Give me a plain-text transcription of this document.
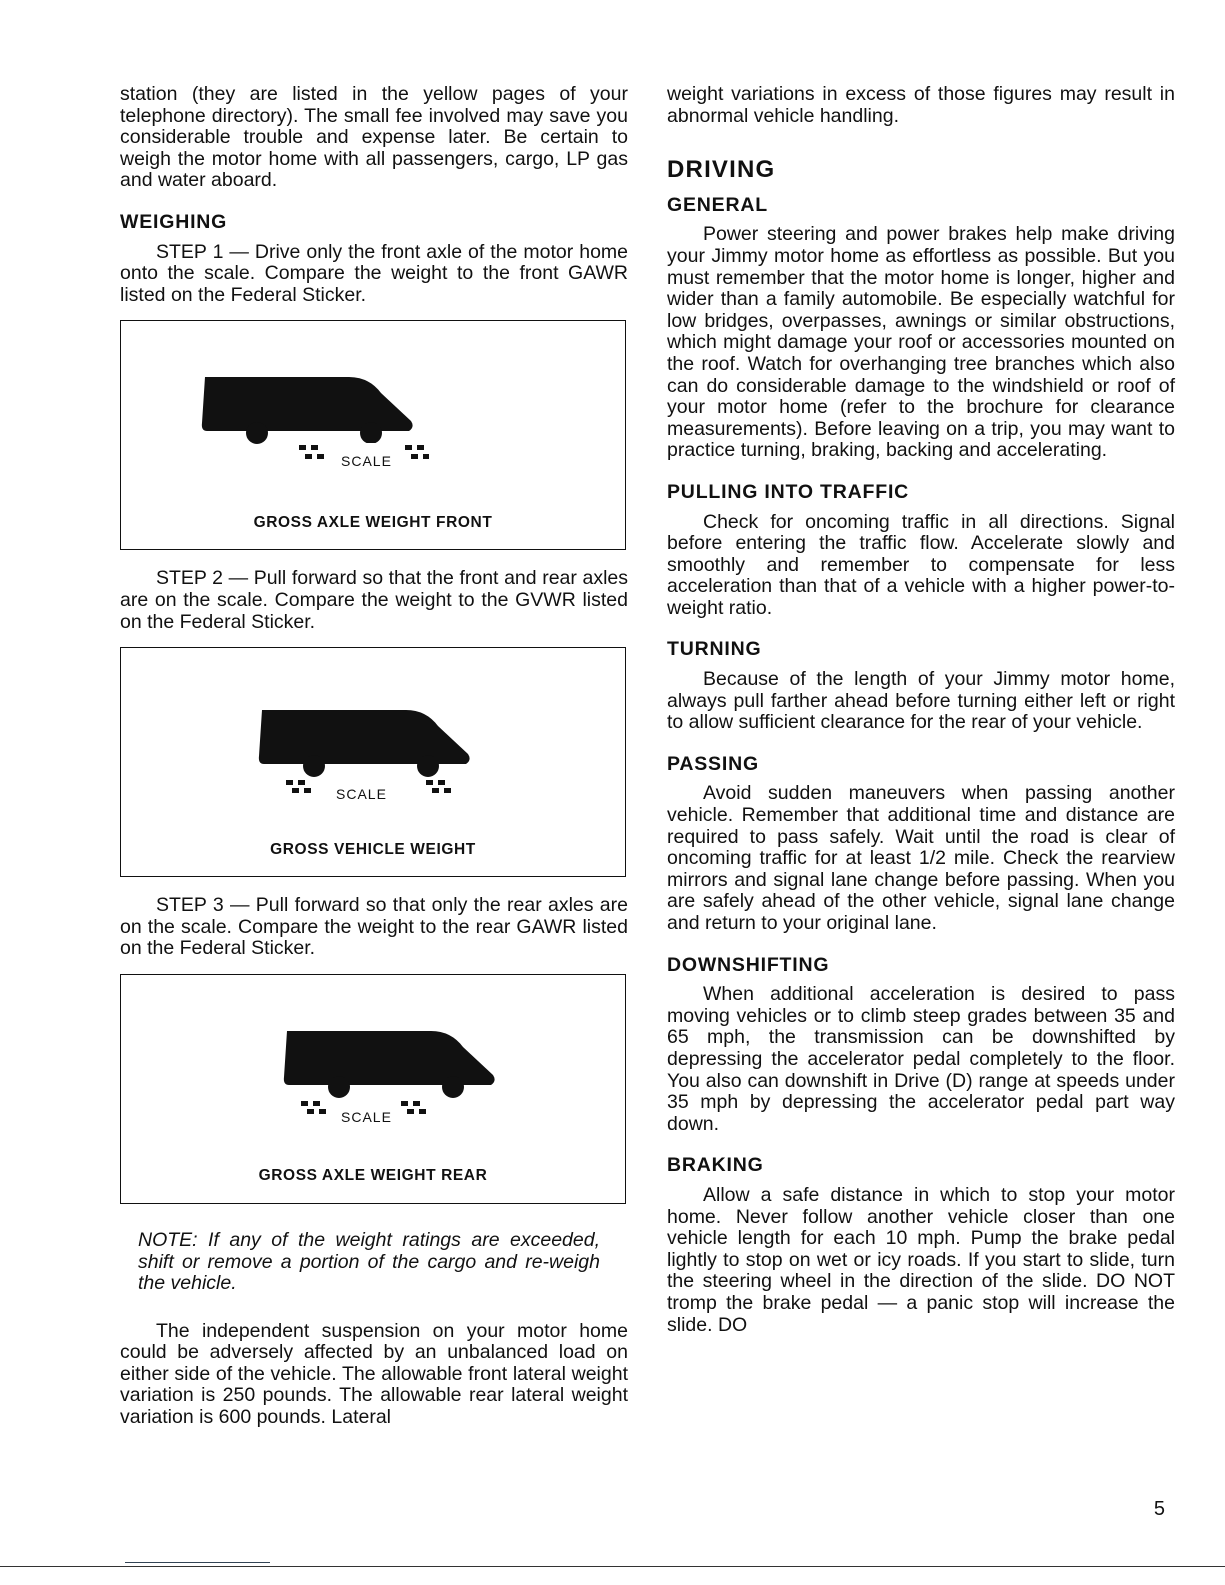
station (they are listed in the yellow pages of your telephone directory). The small fee involved may save you considerable trouble and expense later. Be certain to weigh the motor home with all passengers, cargo, LP gas and water aboard.

WEIGHING

STEP 1 — Drive only the front axle of the motor home onto the scale. Compare the weight to the front GAWR listed on the Federal Sticker.

SCALE
GROSS AXLE WEIGHT FRONT

STEP 2 — Pull forward so that the front and rear axles are on the scale. Compare the weight to the GVWR listed on the Federal Sticker.

SCALE
GROSS VEHICLE WEIGHT

STEP 3 — Pull forward so that only the rear axles are on the scale. Compare the weight to the rear GAWR listed on the Federal Sticker.

SCALE
GROSS AXLE WEIGHT REAR

NOTE: If any of the weight ratings are exceeded, shift or remove a portion of the cargo and re-weigh the vehicle.

The independent suspension on your motor home could be adversely affected by an unbalanced load on either side of the vehicle. The allowable front lateral weight variation is 250 pounds. The allowable rear lateral weight variation is 600 pounds. Lateral

weight variations in excess of those figures may result in abnormal vehicle handling.

DRIVING
GENERAL

Power steering and power brakes help make driving your Jimmy motor home as effortless as possible. But you must remember that the motor home is longer, higher and wider than a family automobile. Be especially watchful for low bridges, overpasses, awnings or similar obstructions, which might damage your roof or accessories mounted on the roof. Watch for overhanging tree branches which also can do considerable damage to the windshield or roof of your motor home (refer to the brochure for clearance measurements). Before leaving on a trip, you may want to practice turning, braking, backing and accelerating.

PULLING INTO TRAFFIC

Check for oncoming traffic in all directions. Signal before entering the traffic flow. Accelerate slowly and smoothly and remember to compensate for less acceleration than that of a vehicle with a higher power-to-weight ratio.

TURNING

Because of the length of your Jimmy motor home, always pull farther ahead before turning either left or right to allow sufficient clearance for the rear of your vehicle.

PASSING

Avoid sudden maneuvers when passing another vehicle. Remember that additional time and distance are required to pass safely. Wait until the road is clear of oncoming traffic for at least 1/2 mile. Check the rearview mirrors and signal lane change before passing. When you are safely ahead of the other vehicle, signal lane change and return to your original lane.

DOWNSHIFTING

When additional acceleration is desired to pass moving vehicles or to climb steep grades between 35 and 65 mph, the transmission can be downshifted by depressing the accelerator pedal completely to the floor. You also can downshift in Drive (D) range at speeds under 35 mph by depressing the accelerator pedal part way down.

BRAKING

Allow a safe distance in which to stop your motor home. Never follow another vehicle closer than one vehicle length for each 10 mph. Pump the brake pedal lightly to stop on wet or icy roads. If you start to slide, turn the steering wheel in the direction of the slide. DO NOT tromp the brake pedal — a panic stop will increase the slide. DO

5
